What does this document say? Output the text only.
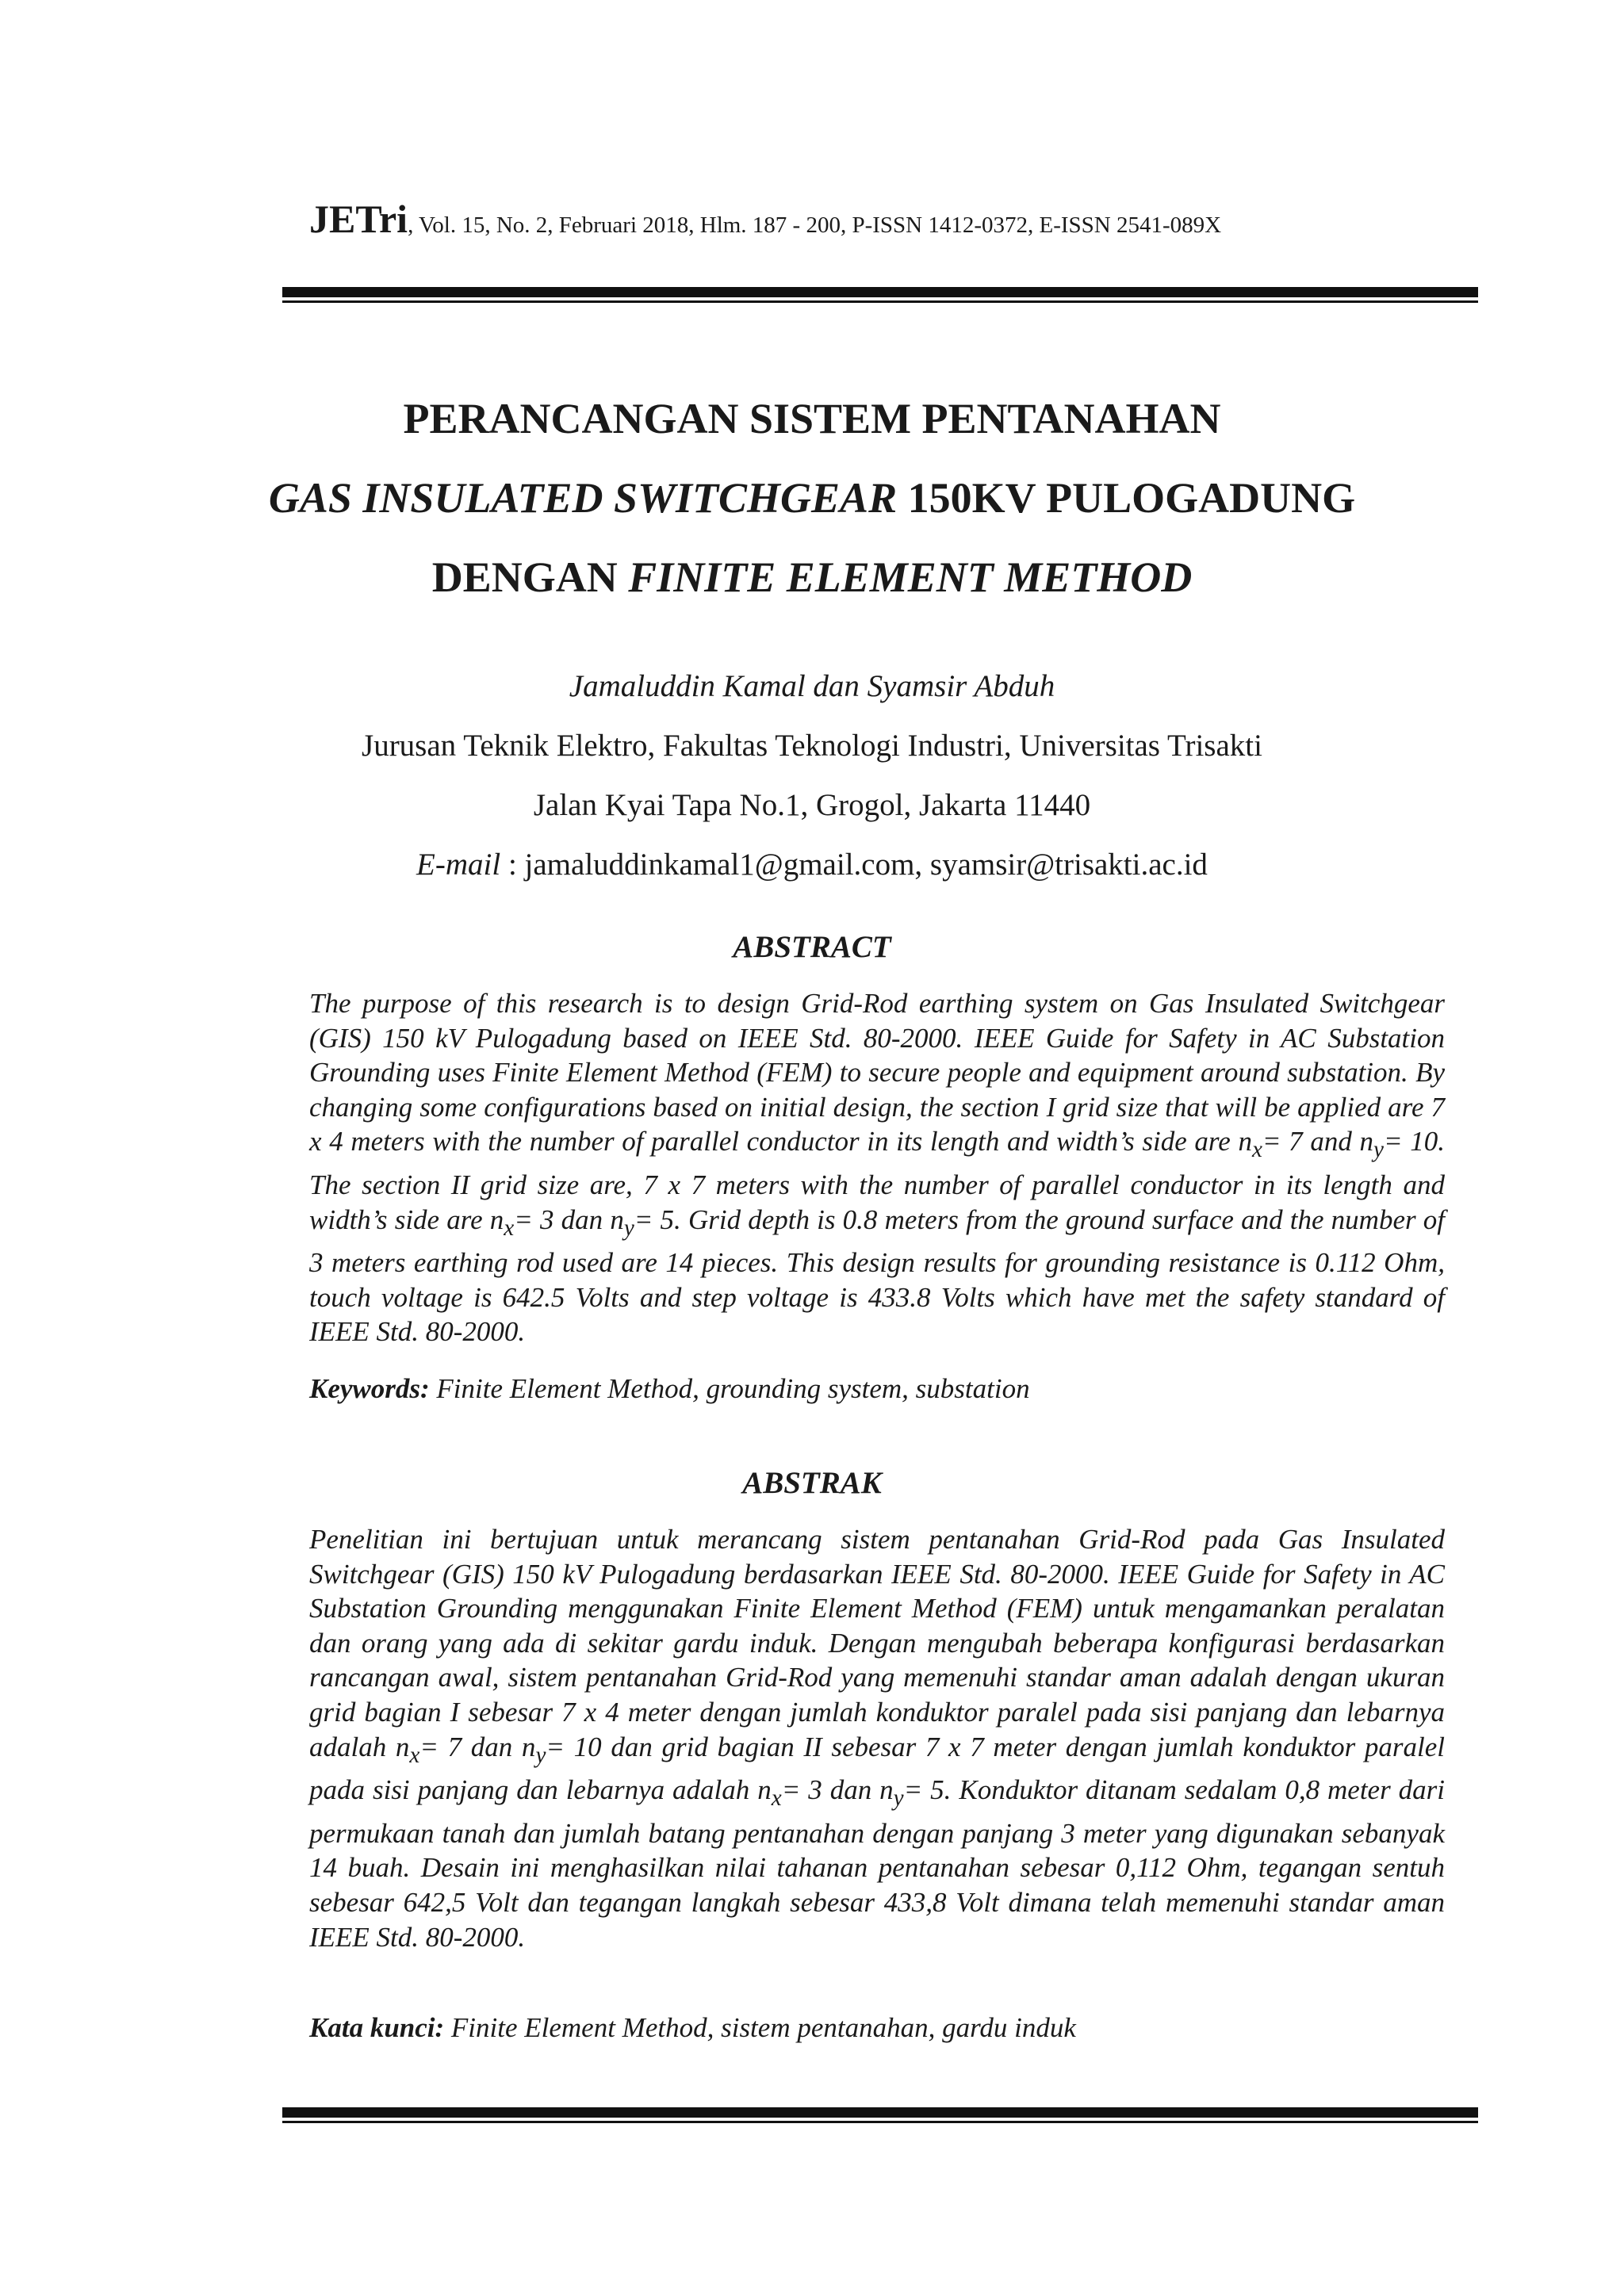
JETri, Vol. 15, No. 2, Februari 2018, Hlm. 187 - 200, P-ISSN 1412-0372, E-ISSN 2541-089X
PERANCANGAN SISTEM PENTANAHAN
GAS INSULATED SWITCHGEAR 150KV PULOGADUNG
DENGAN FINITE ELEMENT METHOD
Jamaluddin Kamal dan Syamsir Abduh
Jurusan Teknik Elektro, Fakultas Teknologi Industri, Universitas Trisakti
Jalan Kyai Tapa No.1, Grogol, Jakarta 11440
E-mail : jamaluddinkamal1@gmail.com, syamsir@trisakti.ac.id
ABSTRACT
The purpose of this research is to design Grid-Rod earthing system on Gas Insulated Switchgear (GIS) 150 kV Pulogadung based on IEEE Std. 80-2000. IEEE Guide for Safety in AC Substation Grounding uses Finite Element Method (FEM) to secure people and equipment around substation. By changing some configurations based on initial design, the section I grid size that will be applied are 7 x 4 meters with the number of parallel conductor in its length and width’s side are $n_x= 7$ and $n_y= 10$. The section II grid size are, 7 x 7 meters with the number of parallel conductor in its length and width’s side are $n_x= 3$ dan $n_y= 5$. Grid depth is 0.8 meters from the ground surface and the number of 3 meters earthing rod used are 14 pieces. This design results for grounding resistance is 0.112 Ohm, touch voltage is 642.5 Volts and step voltage is 433.8 Volts which have met the safety standard of IEEE Std. 80-2000.
Keywords: Finite Element Method, grounding system, substation
ABSTRAK
Penelitian ini bertujuan untuk merancang sistem pentanahan Grid-Rod pada Gas Insulated Switchgear (GIS) 150 kV Pulogadung berdasarkan IEEE Std. 80-2000. IEEE Guide for Safety in AC Substation Grounding menggunakan Finite Element Method (FEM) untuk mengamankan peralatan dan orang yang ada di sekitar gardu induk. Dengan mengubah beberapa konfigurasi berdasarkan rancangan awal, sistem pentanahan Grid-Rod yang memenuhi standar aman adalah dengan ukuran grid bagian I sebesar 7 x 4 meter dengan jumlah konduktor paralel pada sisi panjang dan lebarnya adalah $n_x= 7$ dan $n_y= 10$ dan grid bagian II sebesar 7 x 7 meter dengan jumlah konduktor paralel pada sisi panjang dan lebarnya adalah $n_x= 3$ dan $n_y= 5$. Konduktor ditanam sedalam 0,8 meter dari permukaan tanah dan jumlah batang pentanahan dengan panjang 3 meter yang digunakan sebanyak 14 buah. Desain ini menghasilkan nilai tahanan pentanahan sebesar 0,112 Ohm, tegangan sentuh sebesar 642,5 Volt dan tegangan langkah sebesar 433,8 Volt dimana telah memenuhi standar aman IEEE Std. 80-2000.
Kata kunci: Finite Element Method, sistem pentanahan, gardu induk
